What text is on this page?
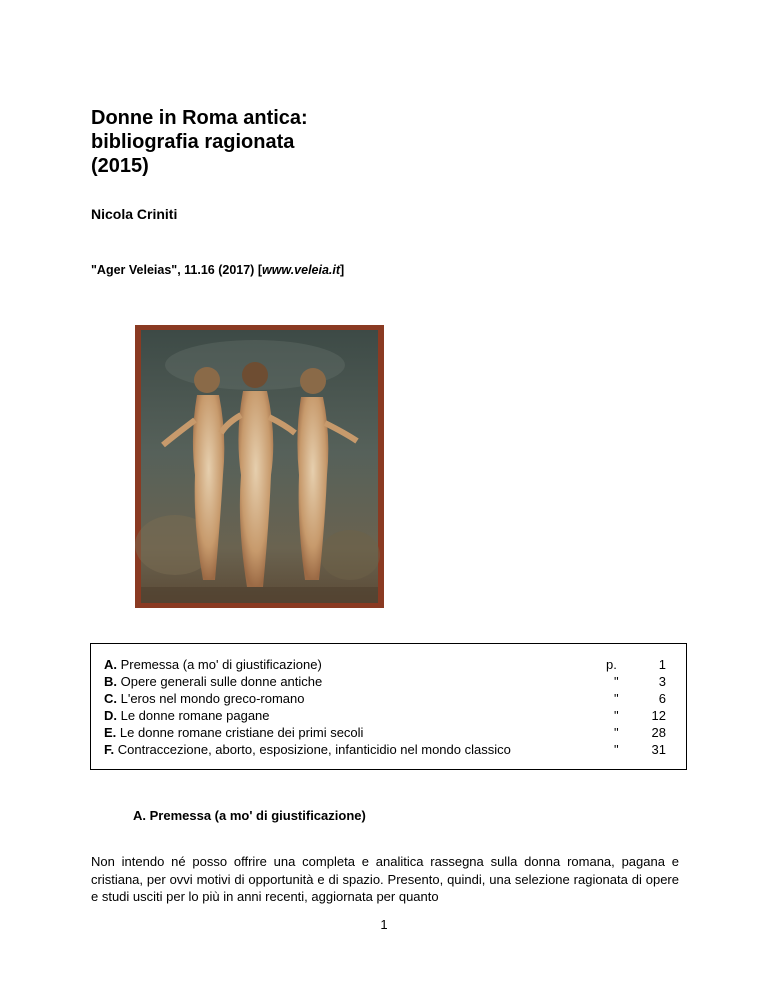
Donne in Roma antica:
bibliografia ragionata
(2015)
Nicola Criniti
"Ager Veleias", 11.16 (2017) [www.veleia.it]
A. Premessa (a mo' di giustificazione)	p.	1
B. Opere generali sulle donne antiche	"	3
C. L'eros nel mondo greco-romano	"	6
D. Le donne romane pagane	"	12
E. Le donne romane cristiane dei primi secoli	"	28
F. Contraccezione, aborto, esposizione, infanticidio nel mondo classico	"	31
A. Premessa (a mo' di giustificazione)
Non intendo né posso offrire una completa e analitica rassegna sulla donna romana, pagana e cristiana, per ovvi motivi di opportunità e di spazio. Presento, quindi, una selezione ragionata di opere e studi usciti per lo più in anni recenti, aggiornata per quanto
1
